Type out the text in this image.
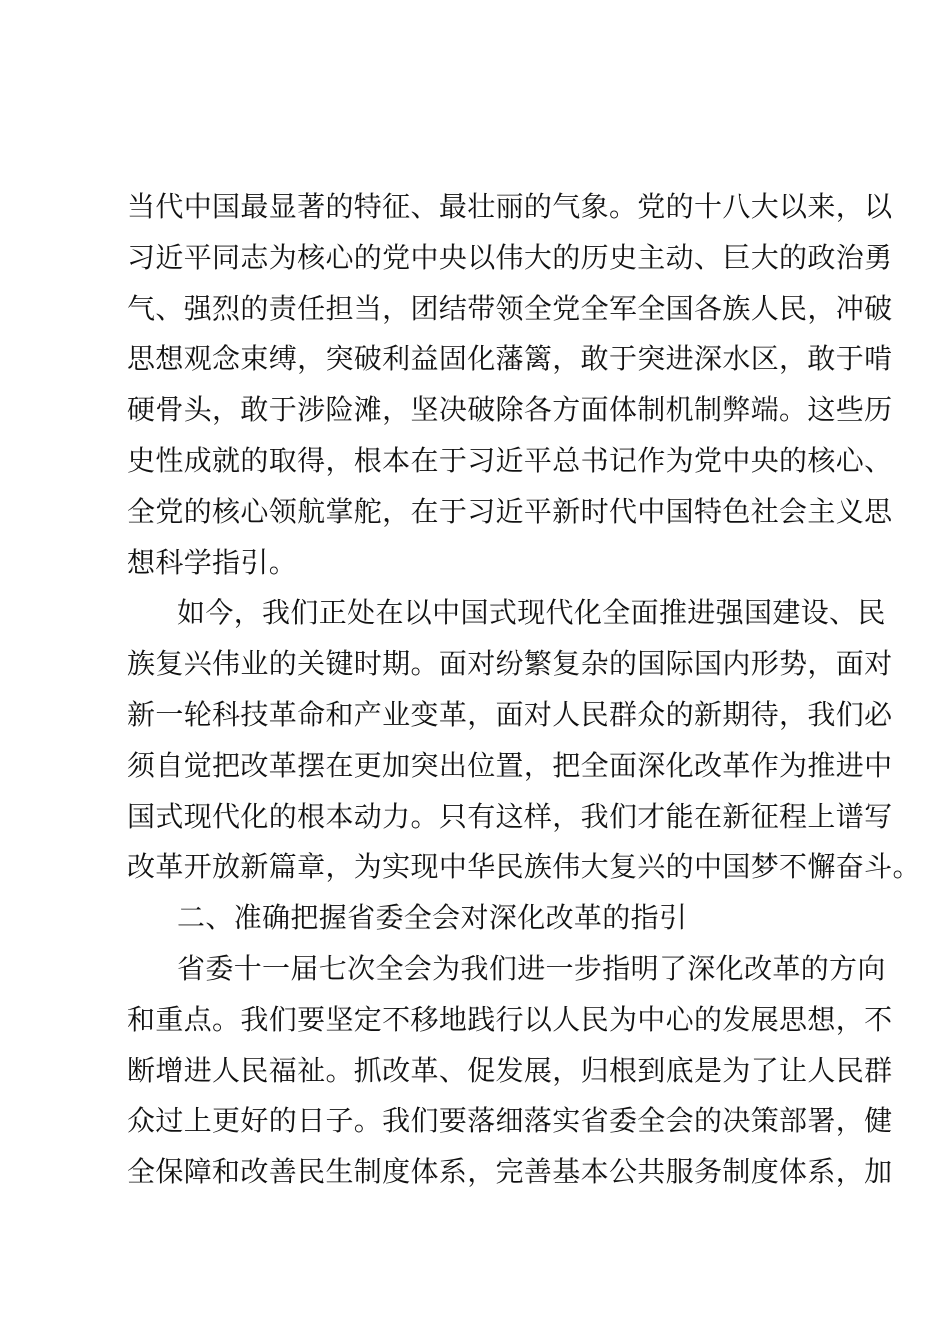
当代中国最显著的特征、最壮丽的气象。党的十八大以来，以
习近平同志为核心的党中央以伟大的历史主动、巨大的政治勇
气、强烈的责任担当，团结带领全党全军全国各族人民，冲破
思想观念束缚，突破利益固化藩篱，敢于突进深水区，敢于啃
硬骨头，敢于涉险滩，坚决破除各方面体制机制弊端。这些历
史性成就的取得，根本在于习近平总书记作为党中央的核心、
全党的核心领航掌舵，在于习近平新时代中国特色社会主义思
想科学指引。
如今，我们正处在以中国式现代化全面推进强国建设、民
族复兴伟业的关键时期。面对纷繁复杂的国际国内形势，面对
新一轮科技革命和产业变革，面对人民群众的新期待，我们必
须自觉把改革摆在更加突出位置，把全面深化改革作为推进中
国式现代化的根本动力。只有这样，我们才能在新征程上谱写
改革开放新篇章，为实现中华民族伟大复兴的中国梦不懈奋斗。
二、准确把握省委全会对深化改革的指引
省委十一届七次全会为我们进一步指明了深化改革的方向
和重点。我们要坚定不移地践行以人民为中心的发展思想，不
断增进人民福祉。抓改革、促发展，归根到底是为了让人民群
众过上更好的日子。我们要落细落实省委全会的决策部署，健
全保障和改善民生制度体系，完善基本公共服务制度体系，加
